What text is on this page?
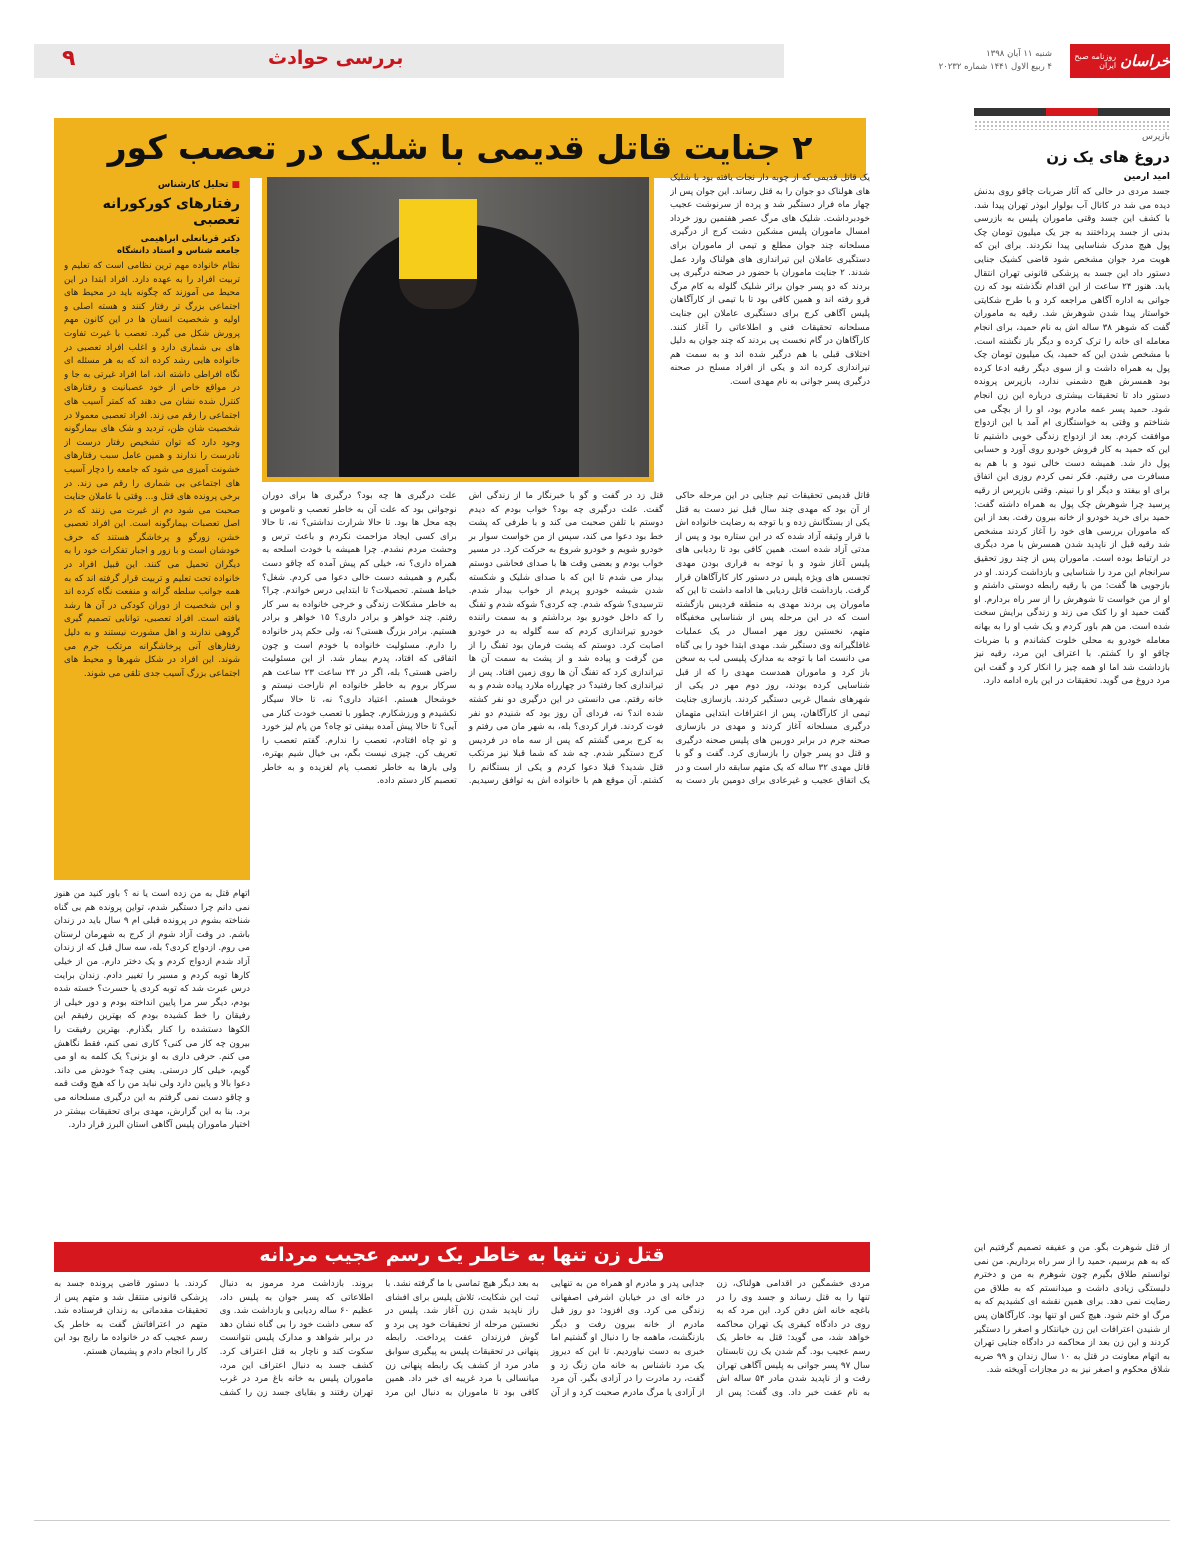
خراسان
روزنامه صبح ایران
شنبه ۱۱ آبان ۱۳۹۸
۴ ربیع الاول ۱۴۴۱ شماره ۲۰۲۳۲
بررسی حوادث
۹
بازپرس
دروغ های یک زن
امید ارمین
جسد مردی در حالی که آثار ضربات چاقو روی بدنش دیده می شد در کانال آب بولوار ابوذر تهران پیدا شد. با کشف این جسد وقتی ماموران پلیس به بازرسی بدنی از جسد پرداختند به جز یک میلیون تومان چک پول هیچ مدرک شناسایی پیدا نکردند. برای این که هویت مرد جوان مشخص شود قاضی کشیک جنایی دستور داد این جسد به پزشکی قانونی تهران انتقال یابد. هنوز ۲۴ ساعت از این اقدام نگذشته بود که زن جوانی به اداره آگاهی مراجعه کرد و با طرح شکایتی خواستار پیدا شدن شوهرش شد. رقیه به ماموران گفت که شوهر ۳۸ ساله اش به نام حمید، برای انجام معامله ای خانه را ترک کرده و دیگر باز نگشته است. با مشخص شدن این که حمید، یک میلیون تومان چک پول به همراه داشت و از سوی دیگر رقیه ادعا کرده بود همسرش هیچ دشمنی ندارد، بازپرس پرونده دستور داد تا تحقیقات بیشتری درباره این زن انجام شود. حمید پسر عمه مادرم بود، او را از بچگی می شناختم و وقتی به خواستگاری ام آمد با این ازدواج موافقت کردم. بعد از ازدواج زندگی خوبی داشتیم تا این که حمید به کار فروش خودرو روی آورد و حسابی پول دار شد. همیشه دست خالی نبود و با هم به مسافرت می رفتیم. فکر نمی کردم روزی این اتفاق برای او بیفتد و دیگر او را نبینم. وقتی بازپرس از رقیه پرسید چرا شوهرش چک پول به همراه داشته گفت: حمید برای خرید خودرو از خانه بیرون رفت. بعد از این که ماموران بررسی های خود را آغاز کردند مشخص شد رقیه قبل از ناپدید شدن همسرش با مرد دیگری در ارتباط بوده است. ماموران پس از چند روز تحقیق سرانجام این مرد را شناسایی و بازداشت کردند. او در بازجویی ها گفت: من با رقیه رابطه دوستی داشتم و او از من خواست تا شوهرش را از سر راه بردارم. او گفت حمید او را کتک می زند و زندگی برایش سخت شده است. من هم باور کردم و یک شب او را به بهانه معامله خودرو به محلی خلوت کشاندم و با ضربات چاقو او را کشتم. با اعتراف این مرد، رقیه نیز بازداشت شد اما او همه چیز را انکار کرد و گفت این مرد دروغ می گوید. تحقیقات در این باره ادامه دارد.
۲ جنایت قاتل قدیمی با شلیک در تعصب کور
یک قاتل قدیمی که از چوبه دار نجات یافته بود با شلیک های هولناک دو جوان را به قتل رساند. این جوان پس از چهار ماه فرار دستگیر شد و پرده از سرنوشت عجیب خودبرداشت. شلیک های مرگ عصر هفتمین روز خرداد امسال ماموران پلیس مشکین دشت کرج از درگیری مسلحانه چند جوان مطلع و تیمی از ماموران برای دستگیری عاملان این تیراندازی های هولناک وارد عمل شدند. ۲ جنایت ماموران با حضور در صحنه درگیری پی بردند که دو پسر جوان براثر شلیک گلوله به کام مرگ فرو رفته اند و همین کافی بود تا با تیمی از کارآگاهان پلیس آگاهی کرج برای دستگیری عاملان این جنایت مسلحانه تحقیقات فنی و اطلاعاتی را آغاز کنند. کارآگاهان در گام نخست پی بردند که چند جوان به دلیل اختلاف قبلی با هم درگیر شده اند و به سمت هم تیراندازی کرده اند و یکی از افراد مسلح در صحنه درگیری پسر جوانی به نام مهدی است.
■ تحلیل کارشناس
رفتارهای کورکورانه تعصبی
دکتر قربانعلی ابراهیمی
جامعه شناس و استاد دانشگاه
نظام خانواده مهم ترین نظامی است که تعلیم و تربیت افراد را به عهده دارد. افراد ابتدا در این محیط می آموزند که چگونه باید در محیط های اجتماعی بزرگ تر رفتار کنند و هسته اصلی و اولیه و شخصیت انسان ها در این کانون مهم پرورش شکل می گیرد. تعصب با غیرت تفاوت های بی شماری دارد و اغلب افراد تعصبی در خانواده هایی رشد کرده اند که به هر مسئله ای نگاه افراطی داشته اند، اما افراد غیرتی به جا و در مواقع خاص از خود عصبانیت و رفتارهای کنترل شده نشان می دهند که کمتر آسیب های اجتماعی را رقم می زند. افراد تعصبی معمولا در شخصیت شان ظن، تردید و شک های بیمارگونه وجود دارد که توان تشخیص رفتار درست از نادرست را ندارند و همین عامل سبب رفتارهای خشونت آمیزی می شود که جامعه را دچار آسیب های اجتماعی بی شماری را رقم می زند. در برخی پرونده های قتل و... وقتی با عاملان جنایت صحبت می شود دم از غیرت می زنند که در اصل تعصبات بیمارگونه است. این افراد تعصبی خشن، زورگو و پرخاشگر هستند که حرف خودشان است و با زور و اجبار تفکرات خود را به دیگران تحمیل می کنند. این قبیل افراد در خانواده تحت تعلیم و تربیت قرار گرفته اند که به همه جوانب سلطه گرانه و منفعت نگاه کرده اند و این شخصیت از دوران کودکی در آن ها رشد یافته است. افراد تعصبی، توانایی تصمیم گیری گروهی ندارند و اهل مشورت نیستند و به دلیل رفتارهای آنی پرخاشگرانه مرتکب جرم می شوند. این افراد در شکل شهرها و محیط های اجتماعی بزرگ آسیب جدی تلقی می شوند.
قاتل قدیمی تحقیقات تیم جنایی در این مرحله حاکی از آن بود که مهدی چند سال قبل نیز دست به قتل یکی از بستگانش زده و با توجه به رضایت خانواده اش با قرار وثیقه آزاد شده که در این ستاره بود و پس از مدتی آزاد شده است. همین کافی بود تا ردیابی های پلیس آغاز شود و با توجه به فراری بودن مهدی تجسس های ویژه پلیس در دستور کار کارآگاهان قرار گرفت. بازداشت قاتل ردیابی ها ادامه داشت تا این که ماموران پی بردند مهدی به منطقه فردیس بازگشته است که در این مرحله پس از شناسایی مخفیگاه متهم، نخستین روز مهر امسال در یک عملیات غافلگیرانه وی دستگیر شد. مهدی ابتدا خود را بی گناه می دانست اما با توجه به مدارک پلیسی لب به سخن باز کرد و ماموران همدست مهدی را که از قبل شناسایی کرده بودند، روز دوم مهر در یکی از شهرهای شمال غربی دستگیر کردند. بازسازی جنایت تیمی از کارآگاهان، پس از اعترافات ابتدایی متهمان درگیری مسلحانه آغاز کردند و مهدی در بازسازی صحنه جرم در برابر دوربین های پلیس صحنه درگیری و قتل دو پسر جوان را بازسازی کرد. گفت و گو با قاتل مهدی ۳۲ ساله که یک متهم سابقه دار است و در یک اتفاق عجیب و غیرعادی برای دومین بار دست به قتل زد در گفت و گو با خبرنگار ما از زندگی اش گفت. علت درگیری چه بود؟ خواب بودم که دیدم دوستم با تلفن صحبت می کند و با طرفی که پشت خط بود دعوا می کند، سپس از من خواست سوار بر خودرو شویم و خودرو شروع به حرکت کرد. در مسیر خواب بودم و بعضی وقت ها با صدای فحاشی دوستم بیدار می شدم تا این که با صدای شلیک و شکسته شدن شیشه خودرو پریدم از خواب بیدار شدم. نترسیدی؟ شوکه شدم. چه کردی؟ شوکه شدم و تفنگ را که داخل خودرو بود برداشتم و به سمت راننده خودرو تیراندازی کردم که سه گلوله به در خودرو اصابت کرد. دوستم که پشت فرمان بود تفنگ را از من گرفت و پیاده شد و از پشت به سمت آن ها تیراندازی کرد که تفنگ آن ها روی زمین افتاد. پس از تیراندازی کجا رفتید؟ در چهارراه ملارد پیاده شدم و به خانه رفتم. می دانستی در این درگیری دو نفر کشته شده اند؟ نه، فردای آن روز بود که شنیدم دو نفر فوت کردند. فرار کردی؟ بله، به شهر مان می رفتم و به کرج برمی گشتم که پس از سه ماه در فردیس کرج دستگیر شدم. چه شد که شما قبلا نیز مرتکب قتل شدید؟ قبلا دعوا کردم و یکی از بستگانم را کشتم. آن موقع هم با خانواده اش به توافق رسیدیم. علت درگیری ها چه بود؟ درگیری ها برای دوران نوجوانی بود که علت آن به خاطر تعصب و ناموس و بچه محل ها بود. تا حالا شرارت نداشتی؟ نه، تا حالا برای کسی ایجاد مزاحمت نکردم و باعث ترس و وحشت مردم نشدم. چرا همیشه با خودت اسلحه به همراه داری؟ نه، خیلی کم پیش آمده که چاقو دست بگیرم و همیشه دست خالی دعوا می کردم. شغل؟ خیاط هستم. تحصیلات؟ تا ابتدایی درس خواندم. چرا؟ به خاطر مشکلات زندگی و خرجی خانواده به سر کار رفتم. چند خواهر و برادر داری؟ ۱۵ خواهر و برادر هستیم. برادر بزرگ هستی؟ نه، ولی حکم پدر خانواده را دارم. مسئولیت خانواده با خودم است و چون اتفاقی که افتاد، پدرم بیمار شد. از این مسئولیت راضی هستی؟ بله، اگر در ۲۴ ساعت ۲۳ ساعت هم سرکار بروم به خاطر خانواده ام ناراحت نیستم و خوشحال هستم. اعتیاد داری؟ نه، تا حالا سیگار نکشیدم و ورزشکارم. چطور با تعصب خودت کنار می آیی؟ تا حالا پیش آمده بیفتی تو چاه؟ من پام لیز خورد و تو چاه افتادم، تعصب را ندارم. گفتم تعصب را تعریف کن. چیزی نیست بگم، بی خیال شیم بهتره، ولی بارها به خاطر تعصب پام لغزیده و به خاطر تعصبم کار دستم داده.
اتهام قتل به من زده است یا نه ؟ باور کنید من هنوز نمی دانم چرا دستگیر شدم، تواین پرونده هم بی گناه شناخته بشوم در پرونده قبلی ام ۹ سال باید در زندان باشم. در وقت آزاد شوم از کرج به شهرمان لرستان می روم. ازدواج کردی؟ بله، سه سال قبل که از زندان آزاد شدم ازدواج کردم و یک دختر دارم. من از خیلی کارها توبه کردم و مسیر را تغییر دادم. زندان برایت درس عبرت شد که توبه کردی یا حسرت؟ خسته شده بودم، دیگر سر مرا پایین انداخته بودم و دور خیلی از رفیقان را خط کشیده بودم که بهترین رفیقم این الکوها دستشده را کنار بگذارم. بهترین رفیقت را بیرون چه کار می کنی؟ کاری نمی کنم، فقط نگاهش می کنم. حرفی داری به او بزنی؟ یک کلمه به او می گویم، خیلی کار درستی. یعنی چه؟ خودش می داند. دعوا بالا و پایین دارد ولی نباید من را که هیچ وقت قمه و چاقو دست نمی گرفتم به این درگیری مسلحانه می برد. بنا به این گزارش، مهدی برای تحقیقات بیشتر در اختیار ماموران پلیس آگاهی استان البرز قرار دارد.
قتل زن تنها به خاطر یک رسم عجیب مردانه
مردی خشمگین در اقدامی هولناک، زن تنها را به قتل رساند و جسد وی را در باغچه خانه اش دفن کرد. این مرد که به روی در دادگاه کیفری یک تهران محاکمه خواهد شد، می گوید: قتل به خاطر یک رسم عجیب بود. گم شدن یک زن تابستان سال ۹۷ پسر جوانی به پلیس آگاهی تهران رفت و از ناپدید شدن مادر ۵۴ ساله اش به نام عفت خبر داد. وی گفت: پس از جدایی پدر و مادرم او همراه من به تنهایی در خانه ای در خیابان اشرفی اصفهانی زندگی می کرد. وی افزود: دو روز قبل مادرم از خانه بیرون رفت و دیگر بازنگشت، ماهمه جا را دنبال او گشتیم اما خبری به دست نیاوردیم. تا این که دیروز یک مرد ناشناس به خانه مان زنگ زد و گفت، رد مادرت را در آزادی بگیر. آن مرد از آزادی یا مرگ مادرم صحبت کرد و از آن به بعد دیگر هیچ تماسی با ما گرفته نشد. با ثبت این شکایت، تلاش پلیس برای افشای راز ناپدید شدن زن آغاز شد. پلیس در نخستین مرحله از تحقیقات خود پی برد و گوش فرزندان عفت پرداخت. رابطه پنهانی در تحقیقات پلیس به پیگیری سوابق مادر مرد از کشف یک رابطه پنهانی زن میانسالی با مرد غریبه ای خبر داد. همین کافی بود تا ماموران به دنبال این مرد بروند. بازداشت مرد مرموز به دنبال اطلاعاتی که پسر جوان به پلیس داد، عظیم ۶۰ ساله ردیابی و بازداشت شد. وی که سعی داشت خود را بی گناه نشان دهد در برابر شواهد و مدارک پلیس نتوانست سکوت کند و ناچار به قتل اعتراف کرد. کشف جسد به دنبال اعتراف این مرد، ماموران پلیس به خانه باغ مرد در غرب تهران رفتند و بقایای جسد زن را کشف کردند. با دستور قاضی پرونده جسد به پزشکی قانونی منتقل شد و متهم پس از تحقیقات مقدماتی به زندان فرستاده شد. متهم در اعترافاتش گفت به خاطر یک رسم عجیب که در خانواده ما رایج بود این کار را انجام دادم و پشیمان هستم.
از قتل شوهرت بگو. من و عفیفه تصمیم گرفتیم این که به هم برسیم، حمید را از سر راه برداریم. من نمی توانستم طلاق بگیرم چون شوهرم به من و دخترم دلبستگی زیادی داشت و میدانستم که به طلاق من رضایت نمی دهد. برای همین نقشه ای کشیدیم که به مرگ او ختم شود. هیچ کس او تنها بود. کارآگاهان پس از شنیدن اعترافات این زن خیانتکار و اصغر را دستگیر کردند و این زن بعد از محاکمه در دادگاه جنایی تهران به اتهام معاونت در قتل به ۱۰ سال زندان و ۹۹ ضربه شلاق محکوم و اصغر نیز به در مجازات آویخته شد.
